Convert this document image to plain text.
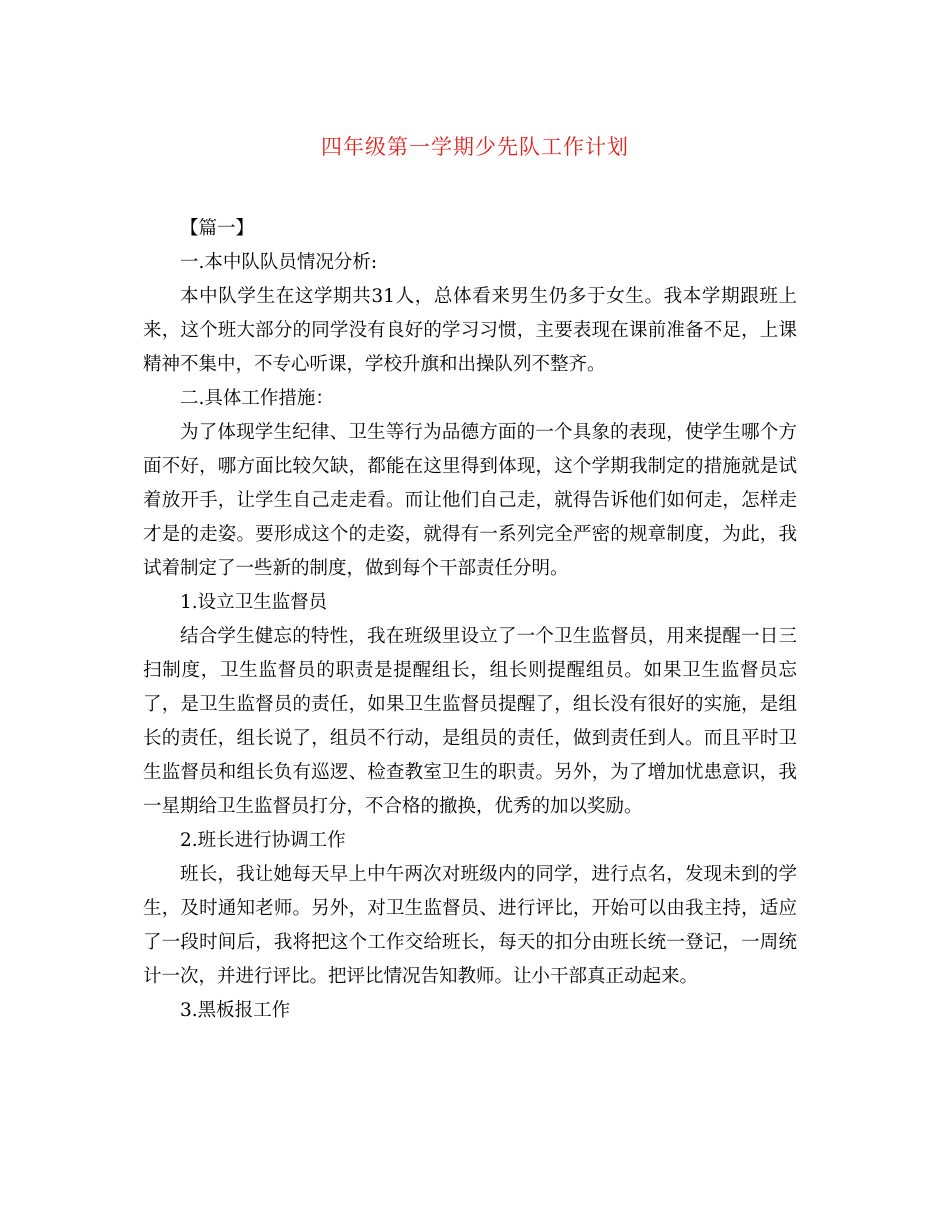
四年级第一学期少先队工作计划

【篇一】

一.本中队队员情况分析:

本中队学生在这学期共31人，总体看来男生仍多于女生。我本学期跟班上来，这个班大部分的同学没有良好的学习习惯，主要表现在课前准备不足，上课精神不集中，不专心听课，学校升旗和出操队列不整齐。

二.具体工作措施：

为了体现学生纪律、卫生等行为品德方面的一个具象的表现，使学生哪个方面不好，哪方面比较欠缺，都能在这里得到体现，这个学期我制定的措施就是试着放开手，让学生自己走走看。而让他们自己走，就得告诉他们如何走，怎样走才是的走姿。要形成这个的走姿，就得有一系列完全严密的规章制度，为此，我试着制定了一些新的制度，做到每个干部责任分明。

1.设立卫生监督员

结合学生健忘的特性，我在班级里设立了一个卫生监督员，用来提醒一日三扫制度，卫生监督员的职责是提醒组长，组长则提醒组员。如果卫生监督员忘了，是卫生监督员的责任，如果卫生监督员提醒了，组长没有很好的实施，是组长的责任，组长说了，组员不行动，是组员的责任，做到责任到人。而且平时卫生监督员和组长负有巡逻、检查教室卫生的职责。另外，为了增加忧患意识，我一星期给卫生监督员打分，不合格的撤换，优秀的加以奖励。

2.班长进行协调工作

班长，我让她每天早上中午两次对班级内的同学，进行点名，发现未到的学生，及时通知老师。另外，对卫生监督员、进行评比，开始可以由我主持，适应了一段时间后，我将把这个工作交给班长，每天的扣分由班长统一登记，一周统计一次，并进行评比。把评比情况告知教师。让小干部真正动起来。

3.黑板报工作
